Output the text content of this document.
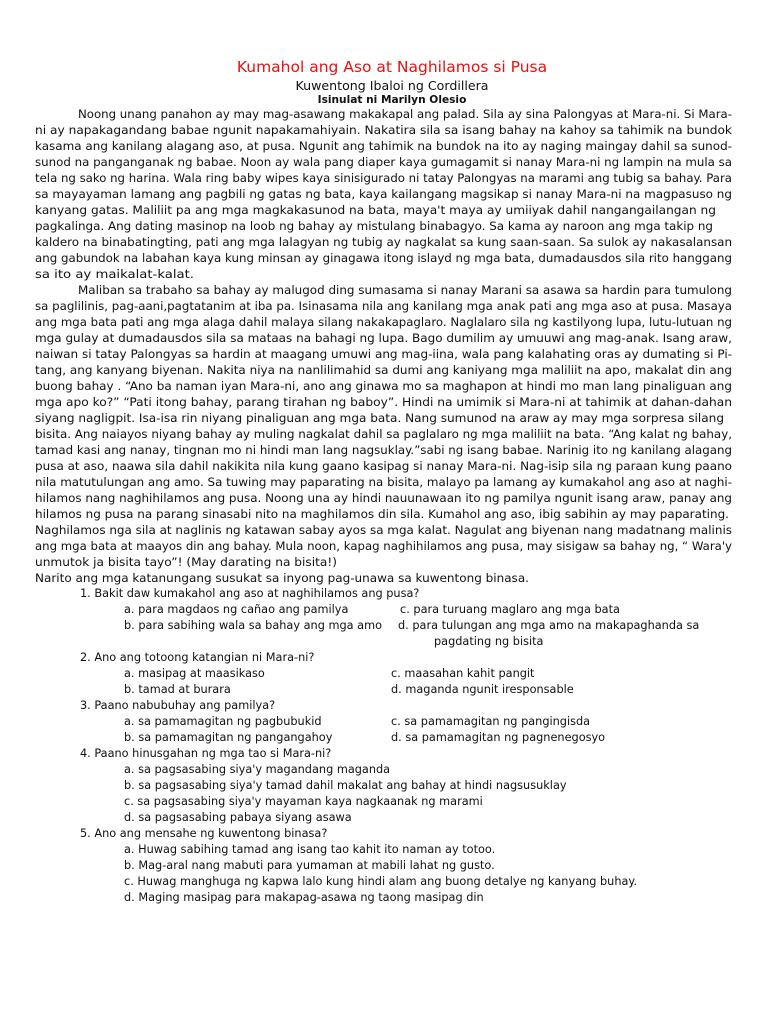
Kumahol ang Aso at Naghilamos si Pusa
Kuwentong Ibaloi ng Cordillera
Isinulat ni Marilyn Olesio
Noong unang panahon ay may mag-asawang makakapal ang palad. Sila ay sina Palongyas at Mara-ni. Si Mara-
ni ay napakagandang babae ngunit napakamahiyain. Nakatira sila sa isang bahay na kahoy sa tahimik na bundok
kasama ang kanilang alagang aso, at pusa. Ngunit ang tahimik na bundok na ito ay naging maingay dahil sa sunod-
sunod na panganganak ng babae. Noon ay wala pang diaper kaya gumagamit si nanay Mara-ni ng lampin na mula sa
tela ng sako ng harina. Wala ring baby wipes kaya sinisigurado ni tatay Palongyas na marami ang tubig sa bahay. Para
sa mayayaman lamang ang pagbili ng gatas ng bata, kaya kailangang magsikap si nanay Mara-ni na magpasuso ng
kanyang gatas. Maliliit pa ang mga magkakasunod na bata, maya't maya ay umiiyak dahil nangangailangan ng
pagkalinga. Ang dating masinop na loob ng bahay ay mistulang binabagyo. Sa kama ay naroon ang mga takip ng
kaldero na binabatingting, pati ang mga lalagyan ng tubig ay nagkalat sa kung saan-saan. Sa sulok ay nakasalansan
ang gabundok na labahan kaya kung minsan ay ginagawa itong islayd ng mga bata, dumadausdos sila rito hanggang
sa ito ay maikalat-kalat.
Maliban sa trabaho sa bahay ay malugod ding sumasama si nanay Marani sa asawa sa hardin para tumulong
sa paglilinis, pag-aani,pagtatanim at iba pa. Isinasama nila ang kanilang mga anak pati ang mga aso at pusa. Masaya
ang mga bata pati ang mga alaga dahil malaya silang nakakapaglaro. Naglalaro sila ng kastilyong lupa, lutu-lutuan ng
mga gulay at dumadausdos sila sa mataas na bahagi ng lupa. Bago dumilim ay umuuwi ang mag-anak. Isang araw,
naiwan si tatay Palongyas sa hardin at maagang umuwi ang mag-iina, wala pang kalahating oras ay dumating si Pi-
tang, ang kanyang biyenan. Nakita niya na nanlilimahid sa dumi ang kaniyang mga maliliit na apo, makalat din ang
buong bahay . “Ano ba naman iyan Mara-ni, ano ang ginawa mo sa maghapon at hindi mo man lang pinaliguan ang
mga apo ko?” “Pati itong bahay, parang tirahan ng baboy”. Hindi na umimik si Mara-ni at tahimik at dahan-dahan
siyang nagligpit. Isa-isa rin niyang pinaliguan ang mga bata. Nang sumunod na araw ay may mga sorpresa silang
bisita. Ang naiayos niyang bahay ay muling nagkalat dahil sa paglalaro ng mga maliliit na bata. “Ang kalat ng bahay,
tamad kasi ang nanay, tingnan mo ni hindi man lang nagsuklay.”sabi ng isang babae. Narinig ito ng kanilang alagang
pusa at aso, naawa sila dahil nakikita nila kung gaano kasipag si nanay Mara-ni. Nag-isip sila ng paraan kung paano
nila matutulungan ang amo. Sa tuwing may paparating na bisita, malayo pa lamang ay kumakahol ang aso at naghi-
hilamos nang naghihilamos ang pusa. Noong una ay hindi nauunawaan ito ng pamilya ngunit isang araw, panay ang
hilamos ng pusa na parang sinasabi nito na maghilamos din sila. Kumahol ang aso, ibig sabihin ay may paparating.
Naghilamos nga sila at naglinis ng katawan sabay ayos sa mga kalat. Nagulat ang biyenan nang madatnang malinis
ang mga bata at maayos din ang bahay. Mula noon, kapag naghihilamos ang pusa, may sisigaw sa bahay ng, “ Wara'y
unmutok ja bisita tayo”! (May darating na bisita!)
Narito ang mga katanungang susukat sa inyong pag-unawa sa kuwentong binasa.
1. Bakit daw kumakahol ang aso at naghihilamos ang pusa?
a. para magdaos ng cañao ang pamilya	c. para turuang maglaro ang mga bata
b. para sabihing wala sa bahay ang mga amo d. para tulungan ang mga amo na makapaghanda sa
pagdating ng bisita
2. Ano ang totoong katangian ni Mara-ni?
a. masipag at maasikaso	c. maasahan kahit pangit
b. tamad at burara	d. maganda ngunit iresponsable
3. Paano nabubuhay ang pamilya?
a. sa pamamagitan ng pagbubukid	c. sa pamamagitan ng pangingisda
b. sa pamamagitan ng pangangahoy	d. sa pamamagitan ng pagnenegosyo
4. Paano hinusgahan ng mga tao si Mara-ni?
a. sa pagsasabing siya'y magandang maganda
b. sa pagsasabing siya'y tamad dahil makalat ang bahay at hindi nagsusuklay
c. sa pagsasabing siya'y mayaman kaya nagkaanak ng marami
d. sa pagsasabing pabaya siyang asawa
5. Ano ang mensahe ng kuwentong binasa?
a. Huwag sabihing tamad ang isang tao kahit ito naman ay totoo.
b. Mag-aral nang mabuti para yumaman at mabili lahat ng gusto.
c. Huwag manghuga ng kapwa lalo kung hindi alam ang buong detalye ng kanyang buhay.
d. Maging masipag para makapag-asawa ng taong masipag din
